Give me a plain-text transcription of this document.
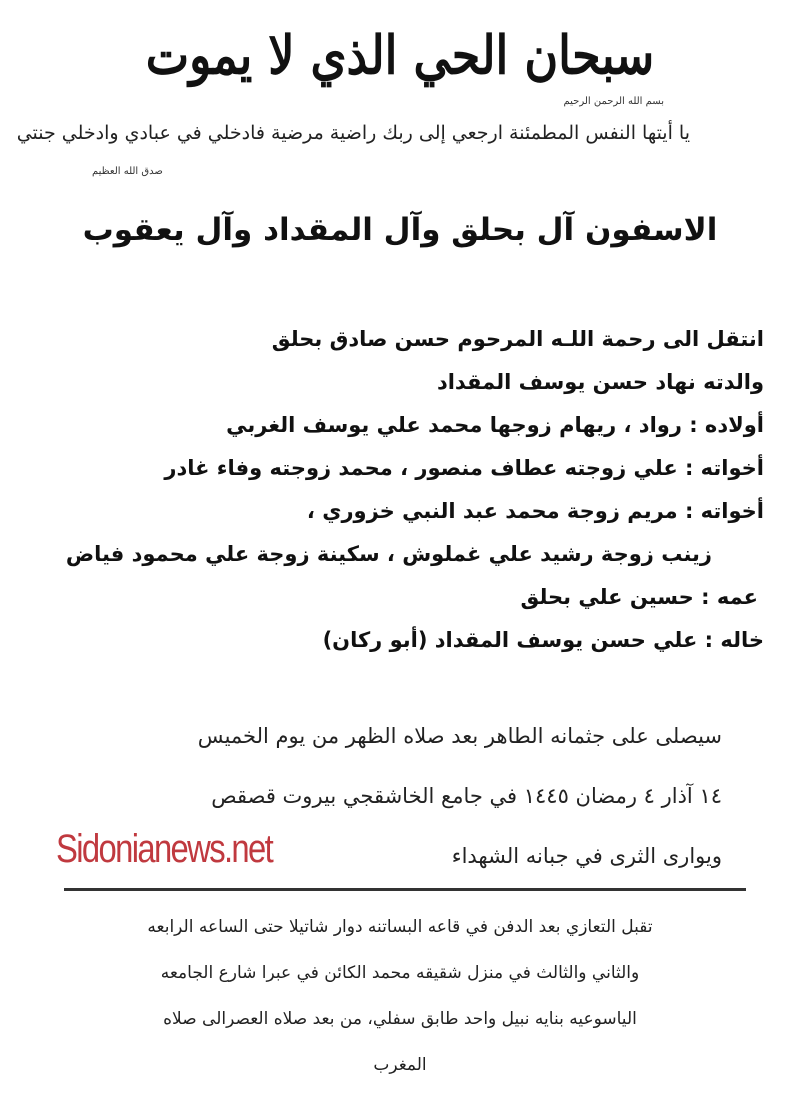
سبحان الحي الذي لا يموت
بسم الله الرحمن الرحيم
يا أيتها النفس المطمئنة ارجعي إلى ربك راضية مرضية فادخلي في عبادي وادخلي جنتي
صدق الله العظيم
الاسفون آل بحلق وآل المقداد وآل يعقوب
انتقل الى رحمة اللـه المرحوم حسن صادق بحلق
والدته نهاد حسن يوسف المقداد
أولاده : رواد ، ريهام زوجها محمد علي يوسف الغربي
أخواته : علي زوجته عطاف منصور ، محمد زوجته وفاء غادر
أخواته : مريم زوجة محمد عبد النبي خزوري ،
زينب زوجة رشيد علي غملوش ، سكينة زوجة علي محمود فياض
عمه : حسين علي بحلق
خاله : علي حسن يوسف المقداد (أبو ركان)
سيصلى على جثمانه الطاهر بعد صلاه الظهر من يوم الخميس
١٤ آذار ٤ رمضان ١٤٤٥ في جامع الخاشقجي بيروت قصقص
ويوارى الثرى في جبانه الشهداء
Sidonianews.net
تقبل التعازي بعد الدفن في قاعه البساتنه دوار شاتيلا حتى الساعه الرابعه
والثاني والثالث في منزل شقيقه محمد الكائن في عبرا شارع الجامعه
الياسوعيه بنايه نبيل واحد طابق سفلي، من بعد صلاه العصرالى صلاه
المغرب
